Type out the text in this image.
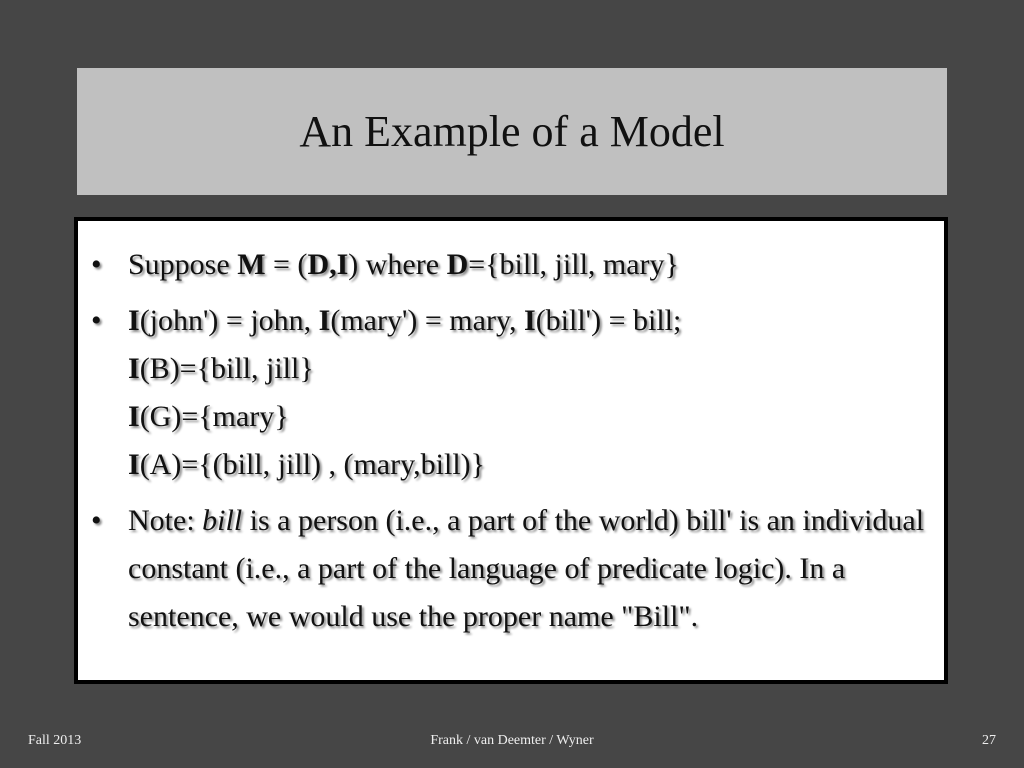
An Example of a Model
• Suppose M = (D,I) where D={bill, jill, mary}
• I(john') = john, I(mary') = mary, I(bill') = bill;
I(B)={bill, jill}
I(G)={mary}
I(A)={(bill, jill) , (mary,bill)}
• Note: bill is a person (i.e., a part of the world) bill' is an individual constant (i.e., a part of the language of predicate logic). In a sentence, we would use the proper name "Bill".
Fall 2013	Frank / van Deemter / Wyner	27
